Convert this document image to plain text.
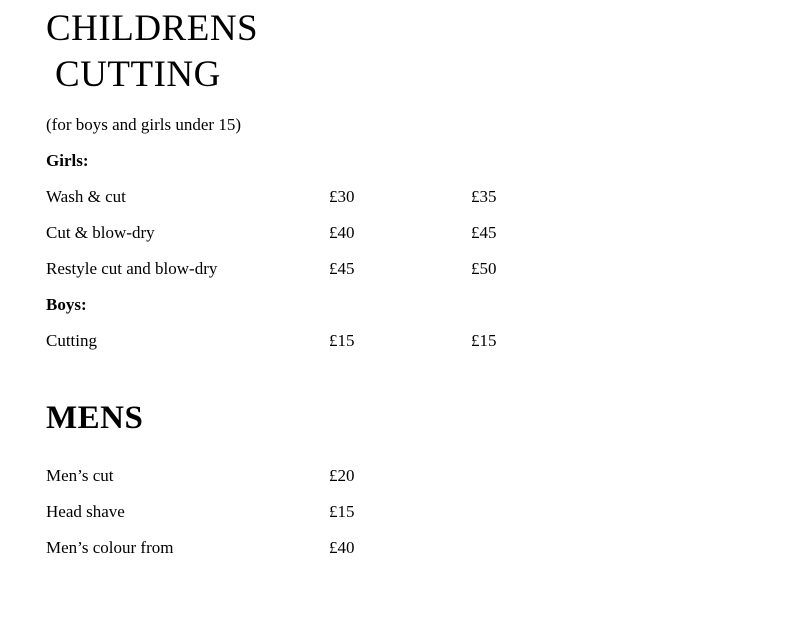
CHILDRENS
CUTTING
(for boys and girls under 15)
Girls:
Wash & cut	£30	£35
Cut & blow-dry	£40	£45
Restyle cut and blow-dry	£45	£50
Boys:
Cutting	£15	£15
MENS
Men’s cut	£20
Head shave	£15
Men’s colour from	£40
